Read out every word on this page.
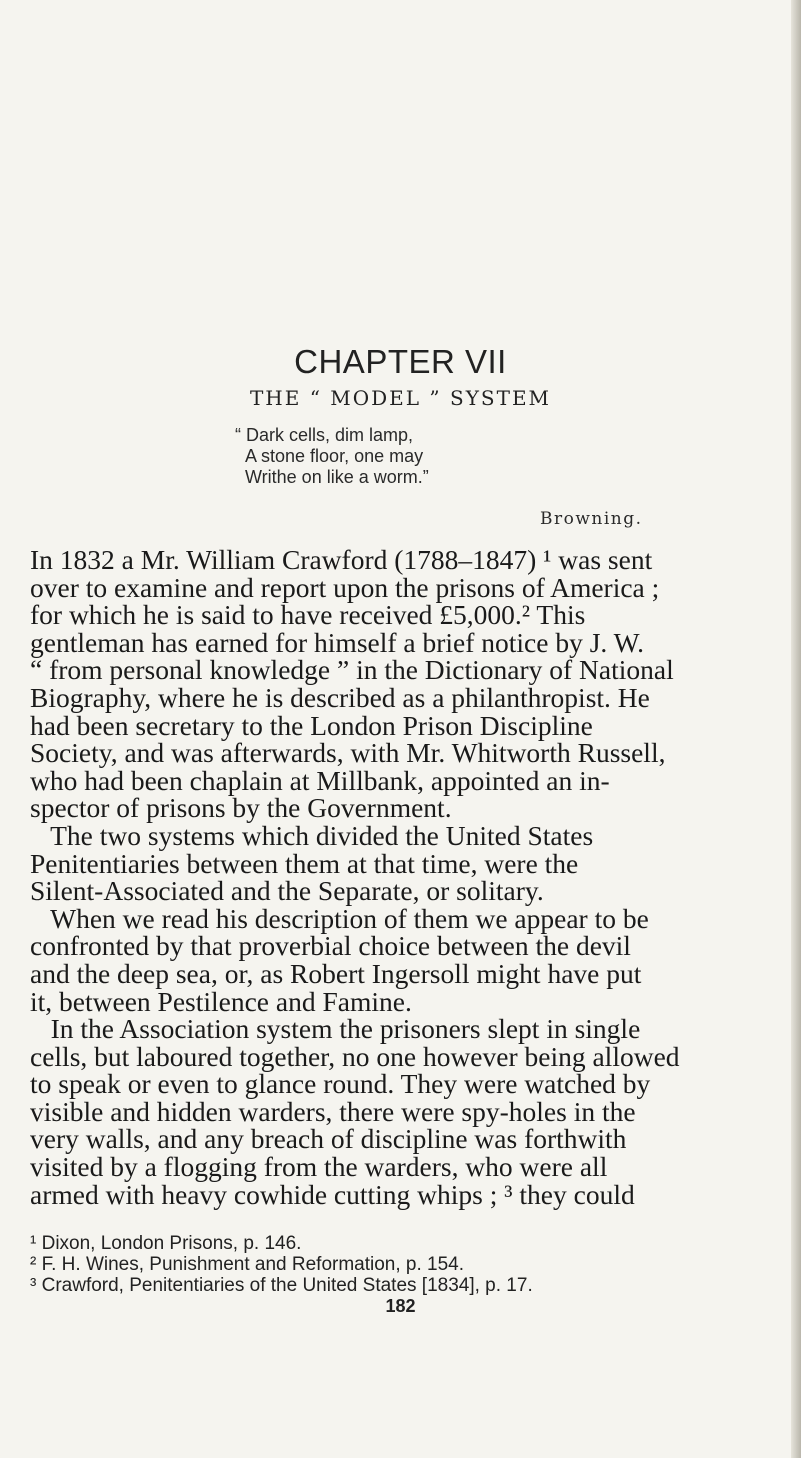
CHAPTER VII
THE “ MODEL ” SYSTEM
“ Dark cells, dim lamp,
A stone floor, one may
Writhe on like a worm.”
Browning.
In 1832 a Mr. William Crawford (1788–1847) ¹ was sent
over to examine and report upon the prisons of America ;
for which he is said to have received £5,000.² This
gentleman has earned for himself a brief notice by J. W.
“ from personal knowledge ” in the Dictionary of National
Biography, where he is described as a philanthropist. He
had been secretary to the London Prison Discipline
Society, and was afterwards, with Mr. Whitworth Russell,
who had been chaplain at Millbank, appointed an in-
spector of prisons by the Government.
The two systems which divided the United States
Penitentiaries between them at that time, were the
Silent-Associated and the Separate, or solitary.
When we read his description of them we appear to be
confronted by that proverbial choice between the devil
and the deep sea, or, as Robert Ingersoll might have put
it, between Pestilence and Famine.
In the Association system the prisoners slept in single
cells, but laboured together, no one however being allowed
to speak or even to glance round. They were watched by
visible and hidden warders, there were spy-holes in the
very walls, and any breach of discipline was forthwith
visited by a flogging from the warders, who were all
armed with heavy cowhide cutting whips ; ³ they could
¹ Dixon, London Prisons, p. 146.
² F. H. Wines, Punishment and Reformation, p. 154.
³ Crawford, Penitentiaries of the United States [1834], p. 17.
182
